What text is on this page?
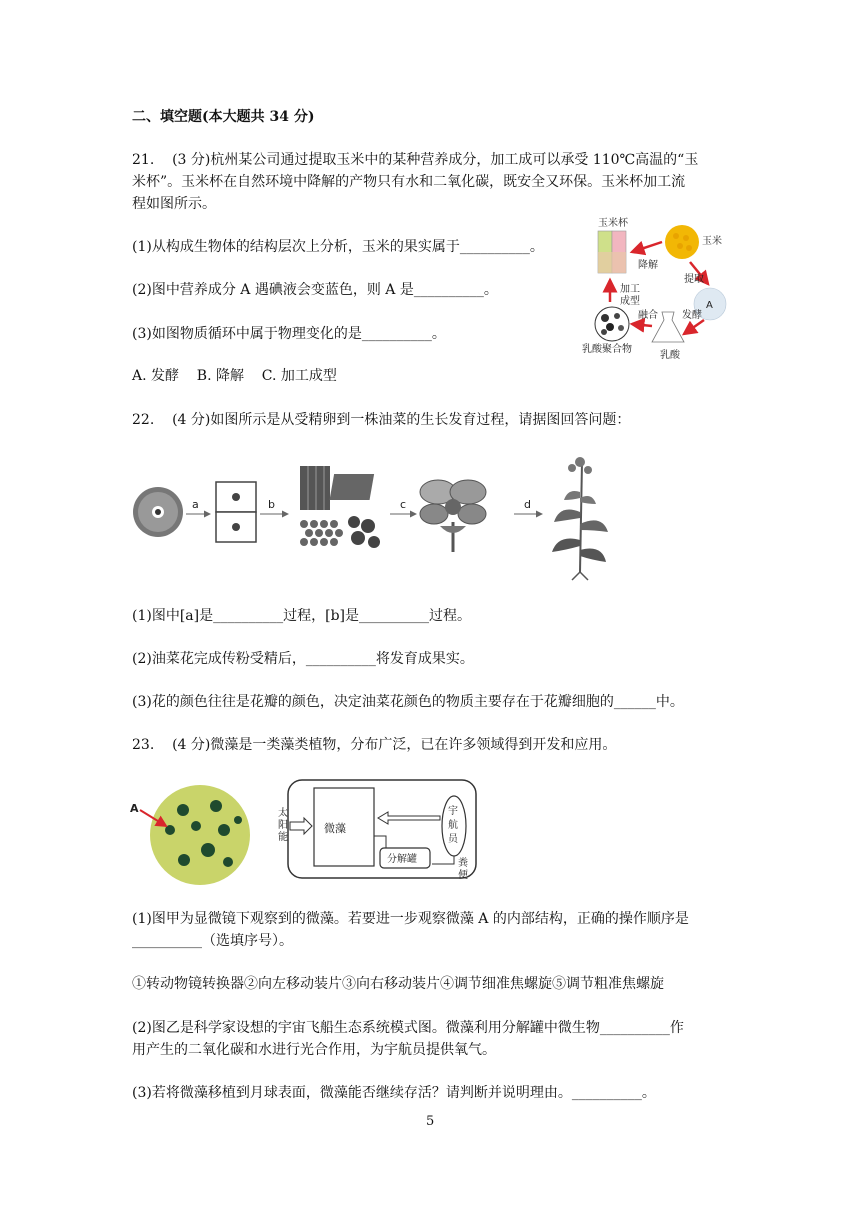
二、填空题(本大题共 34 分)
21.    (3 分)杭州某公司通过提取玉米中的某种营养成分，加工成可以承受 110℃高温的“玉
米杯”。玉米杯在自然环境中降解的产物只有水和二氧化碳，既安全又环保。玉米杯加工流
程如图所示。
(1)从构成生物体的结构层次上分析，玉米的果实属于__________。
(2)图中营养成分 A 遇碘液会变蓝色，则 A 是__________。
(3)如图物质循环中属于物理变化的是__________。
A. 发酵    B. 降解    C. 加工成型
玉米杯
玉米
降解
提取
A
加工
成型
乳酸聚合物
发酵
乳酸
融合
22.    (4 分)如图所示是从受精卵到一株油菜的生长发育过程，请据图回答问题：
a	b	c	d
(1)图中[a]是__________过程，[b]是__________过程。
(2)油菜花完成传粉受精后，__________将发育成果实。
(3)花的颜色往往是花瓣的颜色，决定油菜花颜色的物质主要存在于花瓣细胞的______中。
23.    (4 分)微藻是一类藻类植物，分布广泛，已在许多领域得到开发和应用。
A	太
阳
能
微藻
宇
航
员
分解罐	粪
便
(1)图甲为显微镜下观察到的微藻。若要进一步观察微藻 A 的内部结构，正确的操作顺序是
__________（选填序号）。
①转动物镜转换器②向左移动装片③向右移动装片④调节细准焦螺旋⑤调节粗准焦螺旋
(2)图乙是科学家设想的宇宙飞船生态系统模式图。微藻利用分解罐中微生物__________作
用产生的二氧化碳和水进行光合作用，为宇航员提供氧气。
(3)若将微藻移植到月球表面，微藻能否继续存活？请判断并说明理由。__________。
5
